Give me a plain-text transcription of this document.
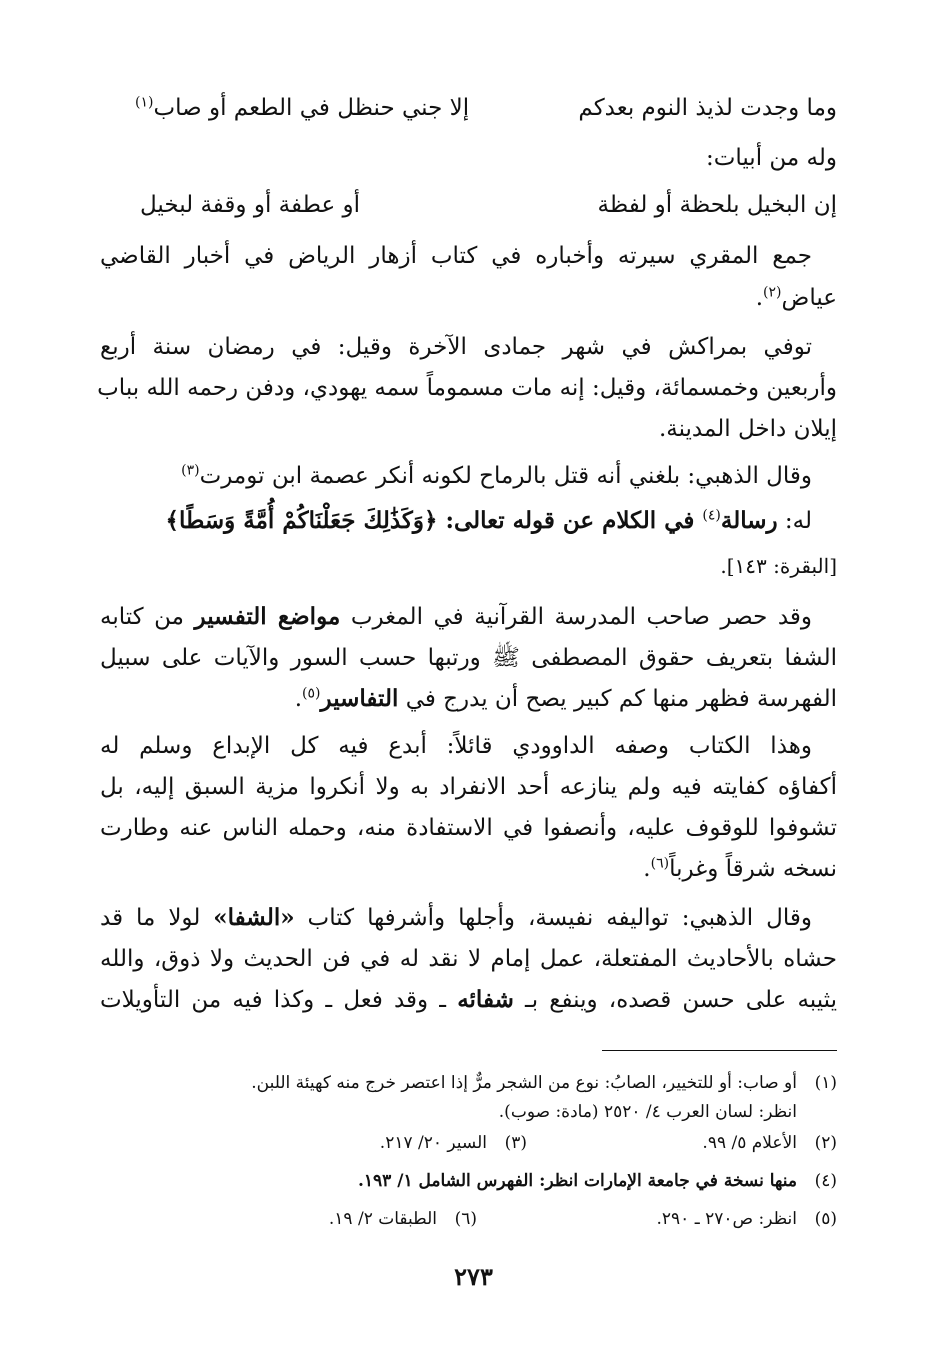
وما وجدت لذيذ النوم بعدكم
إلا جني حنظل في الطعم أو صاب$^{(١)}$
وله من أبيات:
إن البخيل بلحظة أو لفظة
أو عطفة أو وقفة لبخيل
جمع المقري سيرته وأخباره في كتاب أزهار الرياض في أخبار القاضي
عياض$^{(٢)}$.
توفي بمراكش في شهر جمادى الآخرة وقيل: في رمضان سنة أربع
وأربعين وخمسمائة، وقيل: إنه مات مسموماً سمه يهودي، ودفن رحمه الله بباب
إيلان داخل المدينة.
وقال الذهبي: بلغني أنه قتل بالرماح لكونه أنكر عصمة ابن تومرت$^{(٣)}$
له: رسالة$^{(٤)}$ في الكلام عن قوله تعالى: ﴿وَكَذَٰلِكَ جَعَلْنَاكُمْ أُمَّةً وَسَطًا﴾
[البقرة: ١٤٣].
وقد حصر صاحب المدرسة القرآنية في المغرب مواضع التفسير من كتابه
الشفا بتعريف حقوق المصطفى ﷺ ورتبها حسب السور والآيات على سبيل
الفهرسة فظهر منها كم كبير يصح أن يدرج في التفاسير$^{(٥)}$.
وهذا الكتاب وصفه الداوودي قائلاً: أبدع فيه كل الإبداع وسلم له
أكفاؤه كفايته فيه ولم ينازعه أحد الانفراد به ولا أنكروا مزية السبق إليه، بل
تشوفوا للوقوف عليه، وأنصفوا في الاستفادة منه، وحمله الناس عنه وطارت
نسخه شرقاً وغرباً$^{(٦)}$.
وقال الذهبي: تواليفه نفيسة، وأجلها وأشرفها كتاب «الشفا» لولا ما قد
حشاه بالأحاديث المفتعلة، عمل إمام لا نقد له في فن الحديث ولا ذوق، والله
يثيبه على حسن قصده، وينفع بـ شفائه ـ وقد فعل ـ وكذا فيه من التأويلات
(١)أو صاب: أو للتخيير، الصابُ: نوع من الشجر مرٌّ إذا اعتصر خرج منه كهيئة اللبن.
انظر: لسان العرب ٤/ ٢٥٢٠ (مادة: صوب).
(٢)الأعلام ٥/ ٩٩.
(٣)السير ٢٠/ ٢١٧.
(٤)منها نسخة في جامعة الإمارات انظر: الفهرس الشامل ١/ ١٩٣.
(٥)انظر: ص٢٧٠ ـ ٢٩٠.
(٦)الطبقات ٢/ ١٩.
٢٧٣
